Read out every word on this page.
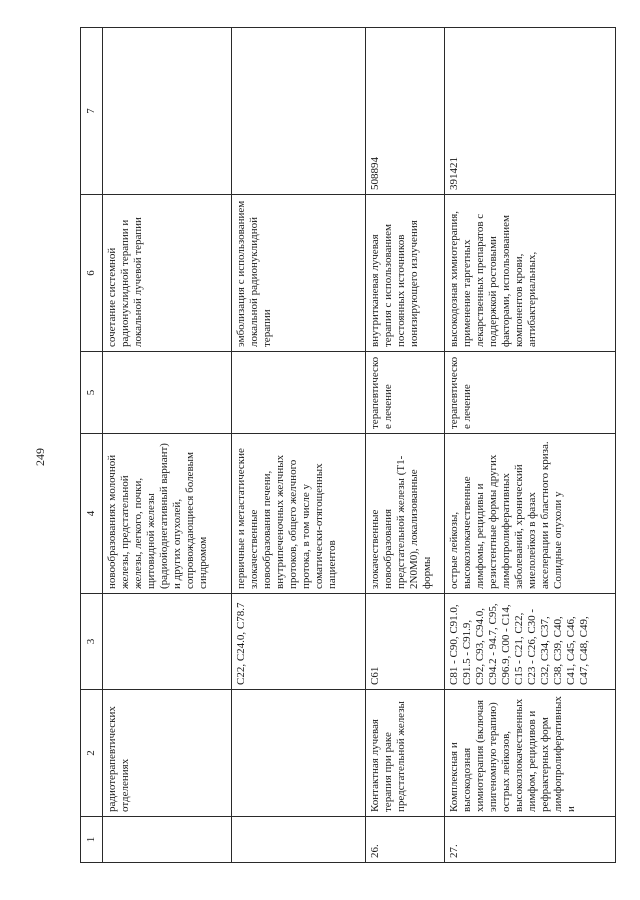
249
1	2	3	4	5	6	7
	радиотерапевтических отделениях		новообразованиях молочной железы, предстательной железы, легкого, почки, щитовидной железы (радиойоднегативный вариант) и других опухолей, сопровождающиеся болевым синдромом		сочетание системной радионуклидной терапии и локальной лучевой терапии	
		C22, C24.0, C78.7	первичные и метастатические злокачественные новообразования печени, внутрипеченочных желчных протоков, общего желчного протока, в том числе у соматически-отягощенных пациентов		эмболизация с использованием локальной радионуклидной терапии	
26.	Контактная лучевая терапия при раке предстательной железы	C61	злокачественные новообразования предстательной железы (T1-2N0M0), локализованные формы	терапевтическое лечение	внутритканевая лучевая терапия с использованием постоянных источников ионизирующего излучения	508894
27.	Комплексная и высокодозная химиотерапия (включая эпигеномную терапию) острых лейкозов, высокозлокачественных лимфом, рецидивов и рефрактерных форм лимфопролиферативных и	C81 - C90, C91.0, C91.5 - C91.9, C92, C93, C94.0, C94.2 - 94.7, C95, C96.9, C00 - C14, C15 - C21, C22, C23 - C26, C30 - C32, C34, C37, C38, C39, C40, C41, C45, C46, C47, C48, C49,	острые лейкозы, высокозлокачественные лимфомы, рецидивы и резистентные формы других лимфопролиферативных заболеваний, хронический миелолейкоз в фазах акселерации и бластного криза. Солидные опухоли у	терапевтическое лечение	высокодозная химиотерапия, применение таргетных лекарственных препаратов с поддержкой ростовыми факторами, использованием компонентов крови, антибактериальных,	391421
